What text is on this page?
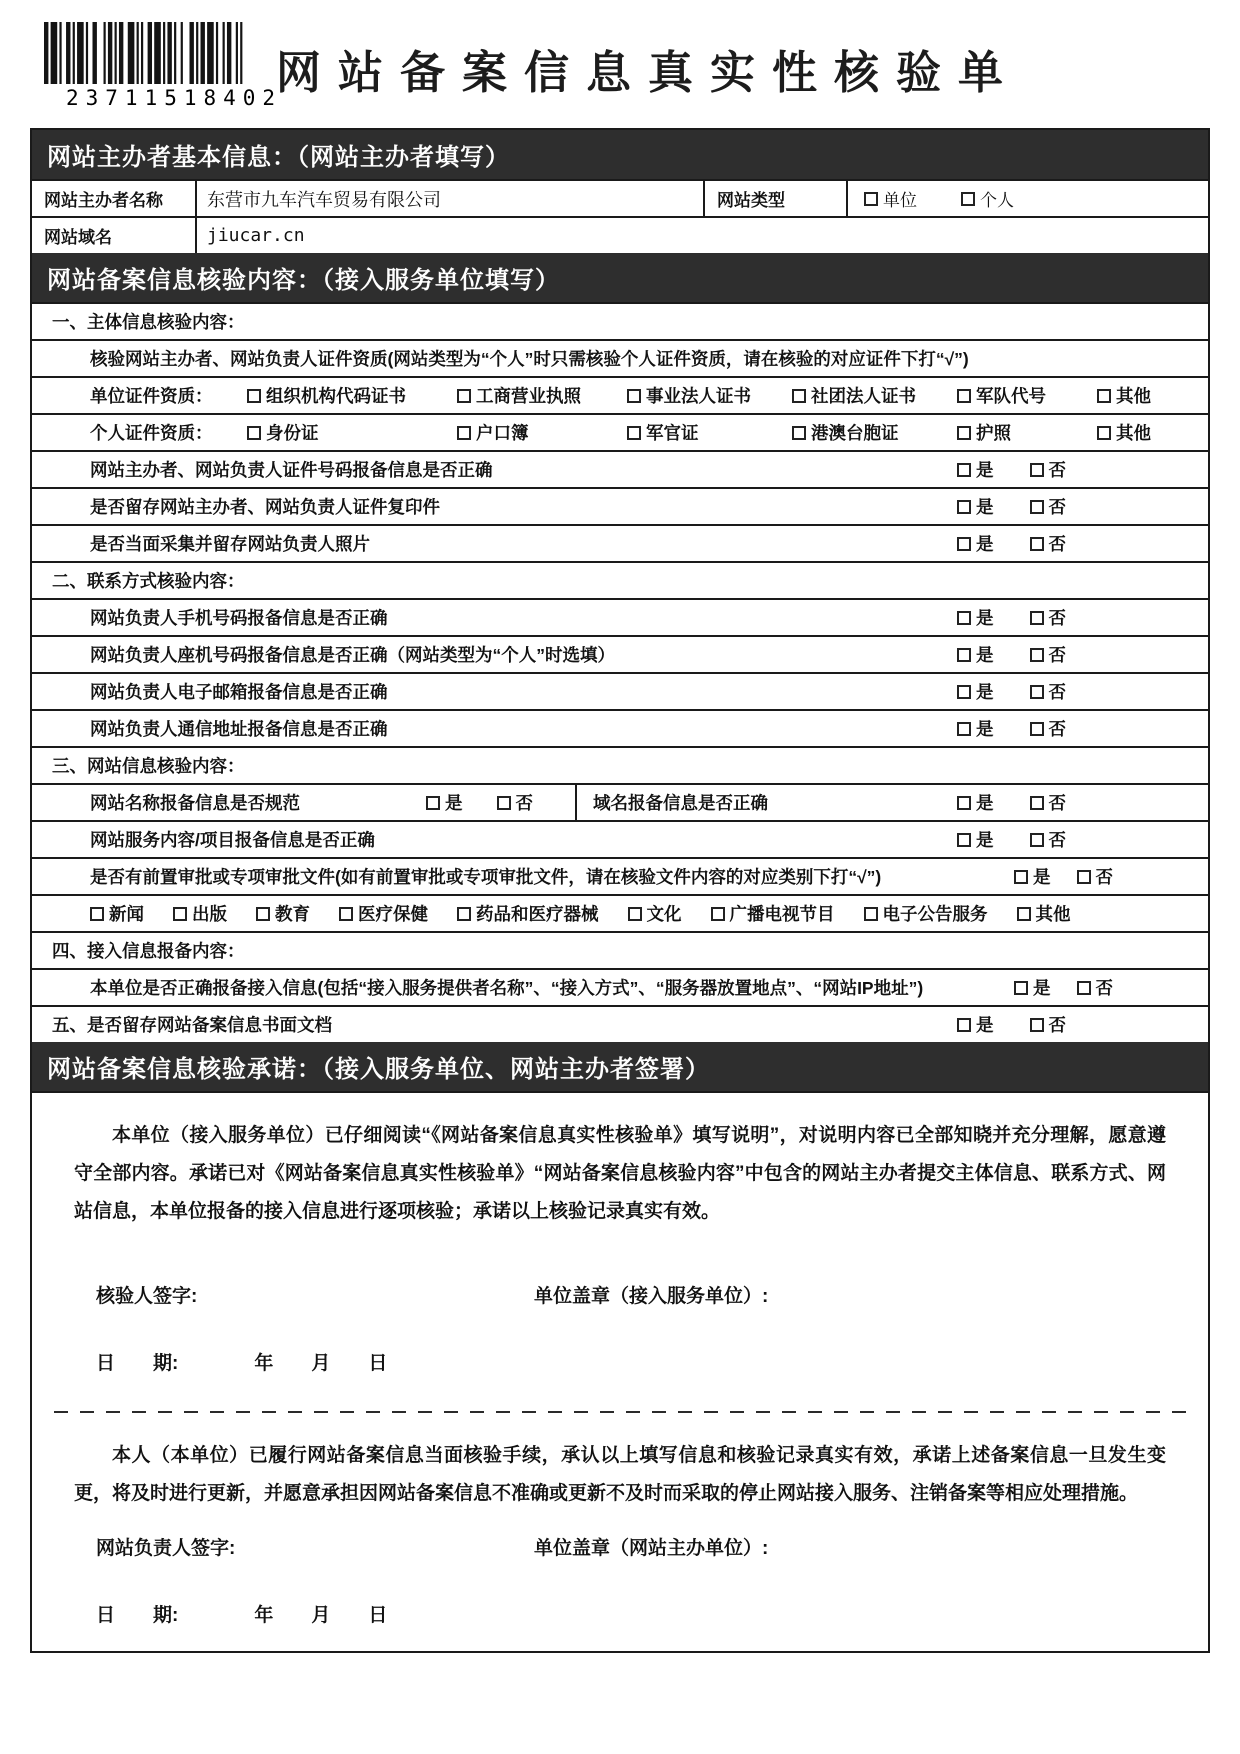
23711518402
网站备案信息真实性核验单
网站主办者基本信息：（网站主办者填写）
网站主办者名称	东营市九车汽车贸易有限公司	网站类型	单位	个人
网站域名	jiucar.cn
网站备案信息核验内容：（接入服务单位填写）
一、主体信息核验内容：
核验网站主办者、网站负责人证件资质(网站类型为“个人”时只需核验个人证件资质，请在核验的对应证件下打“√”)
单位证件资质：	组织机构代码证书	工商营业执照	事业法人证书	社团法人证书	军队代号	其他
个人证件资质：	身份证	户口簿	军官证	港澳台胞证	护照	其他
网站主办者、网站负责人证件号码报备信息是否正确	是	否
是否留存网站主办者、网站负责人证件复印件	是	否
是否当面采集并留存网站负责人照片	是	否
二、联系方式核验内容：
网站负责人手机号码报备信息是否正确	是	否
网站负责人座机号码报备信息是否正确（网站类型为“个人”时选填）	是	否
网站负责人电子邮箱报备信息是否正确	是	否
网站负责人通信地址报备信息是否正确	是	否
三、网站信息核验内容：
网站名称报备信息是否规范	是	否	域名报备信息是否正确	是	否
网站服务内容/项目报备信息是否正确	是	否
是否有前置审批或专项审批文件(如有前置审批或专项审批文件，请在核验文件内容的对应类别下打“√”)	是	否
新闻	出版	教育	医疗保健	药品和医疗器械	文化	广播电视节目	电子公告服务	其他
四、接入信息报备内容：
本单位是否正确报备接入信息(包括“接入服务提供者名称”、“接入方式”、“服务器放置地点”、“网站IP地址”)	是	否
五、是否留存网站备案信息书面文档	是	否
网站备案信息核验承诺：（接入服务单位、网站主办者签署）

本单位（接入服务单位）已仔细阅读“《网站备案信息真实性核验单》填写说明”，对说明内容已全部知晓并充分理解，愿意遵守全部内容。承诺已对《网站备案信息真实性核验单》“网站备案信息核验内容”中包含的网站主办者提交主体信息、联系方式、网站信息，本单位报备的接入信息进行逐项核验；承诺以上核验记录真实有效。

核验人签字:	单位盖章（接入服务单位）:
日　　期:　　　　年　　月　　日

本人（本单位）已履行网站备案信息当面核验手续，承认以上填写信息和核验记录真实有效，承诺上述备案信息一旦发生变更，将及时进行更新，并愿意承担因网站备案信息不准确或更新不及时而采取的停止网站接入服务、注销备案等相应处理措施。

网站负责人签字:	单位盖章（网站主办单位）:
日　　期:　　　　年　　月　　日
